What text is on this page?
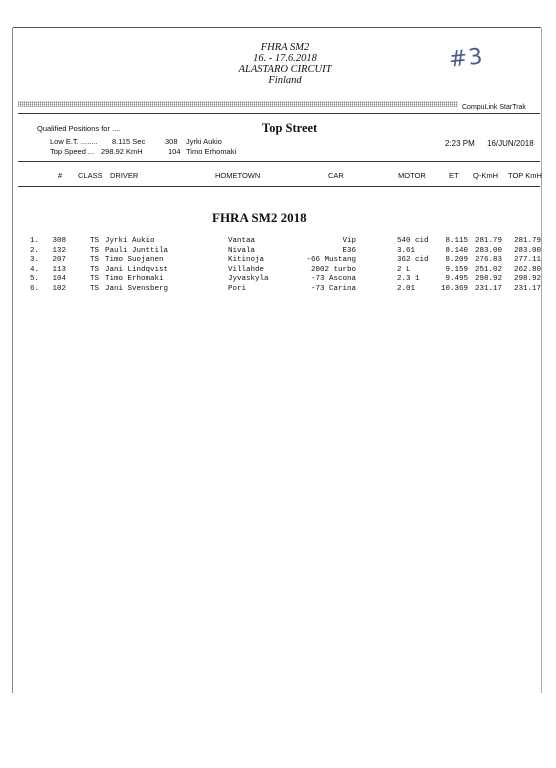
FHRA SM2
16. - 17.6.2018
ALASTARO CIRCUIT
Finland
#3
CompuLink StarTrak
Qualified Positions for ....
Low E.T. ........ 8.115 Sec	308 Jyrki Aukio
Top Speed ... 298.92 KmH	104 Timo Erhomaki
Top Street
2:23 PM 16/JUN/2018
# CLASS DRIVER	HOMETOWN	CAR	MOTOR	ET Q-KmH TOP KmH
FHRA SM2 2018
1. 308	TS Jyrki Aukio	Vantaa	Vip	540 cid 8.115 281.79 281.79
2. 132	TS Pauli Junttila	Nivala	E36	3.61	8.140 283.00 283.00
3. 207	TS Timo Suojanen	Kitinoja	-66 Mustang	362 cid 8.209 276.83 277.11
4. 113	TS Jani Lindqvist	Villahde	2002 turbo	2 L	9.159 251.02 262.80
5. 104	TS Timo Erhomaki	Jyvaskyla	-73 Ascona	2.3 1	9.495 298.92 298.92
6. 102	TS Jani Svensberg	Pori	-73 Carina	2.01	10.369 231.17 231.17
